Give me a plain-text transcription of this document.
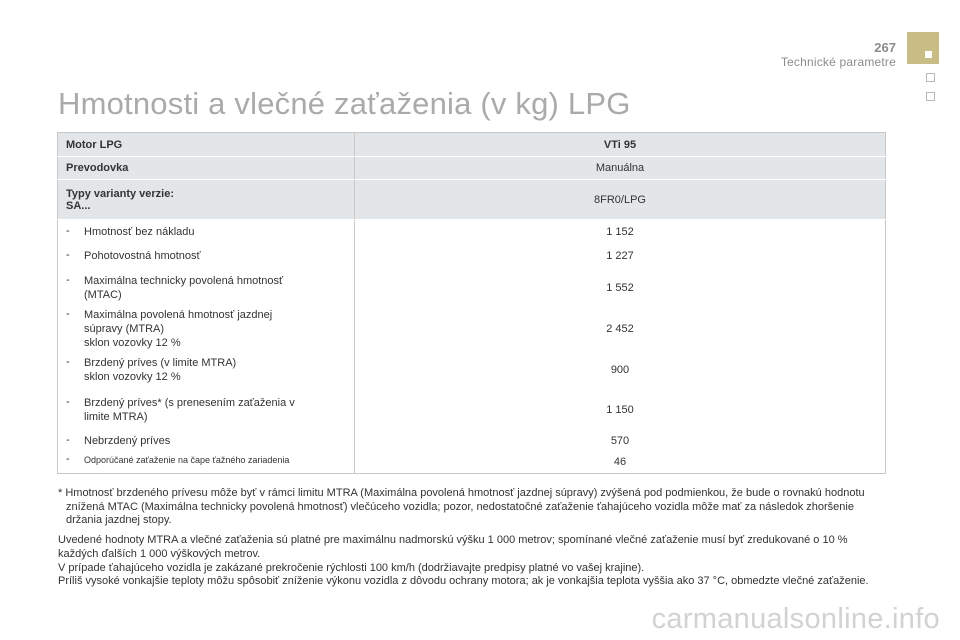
267
Technické parametre
Hmotnosti a vlečné zaťaženia (v kg) LPG
Motor LPG	VTi 95

Prevodovka	Manuálna

Typy varianty verzie:
SA...	8FR0/LPG

- Hmotnosť bez nákladu	1 152

- Pohotovostná hmotnosť	1 227

- Maximálna technicky povolená hmotnosť
(MTAC)	1 552

- Maximálna povolená hmotnosť jazdnej
súpravy (MTRA)
sklon vozovky 12 %	2 452

- Brzdený príves (v limite MTRA)
sklon vozovky 12 %	900

- Brzdený príves* (s prenesením zaťaženia v
limite MTRA)	1 150

- Nebrzdený príves	570

- Odporúčané zaťaženie na čape ťažného zariadenia	46

* Hmotnosť brzdeného prívesu môže byť v rámci limitu MTRA (Maximálna povolená hmotnosť jazdnej súpravy) zvýšená pod podmienkou, že bude o rovnakú hodnotu znížená MTAC (Maximálna technicky povolená hmotnosť) vlečúceho vozidla; pozor, nedostatočné zaťaženie ťahajúceho vozidla môže mať za následok zhoršenie držania jazdnej stopy.

Uvedené hodnoty MTRA a vlečné zaťaženia sú platné pre maximálnu nadmorskú výšku 1 000 metrov; spomínané vlečné zaťaženie musí byť zredukované o 10 % každých ďalších 1 000 výškových metrov.

V prípade ťahajúceho vozidla je zakázané prekročenie rýchlosti 100 km/h (dodržiavajte predpisy platné vo vašej krajine).

Príliš vysoké vonkajšie teploty môžu spôsobiť zníženie výkonu vozidla z dôvodu ochrany motora; ak je vonkajšia teplota vyššia ako 37 °C, obmedzte vlečné zaťaženie.

carmanualsonline.info
